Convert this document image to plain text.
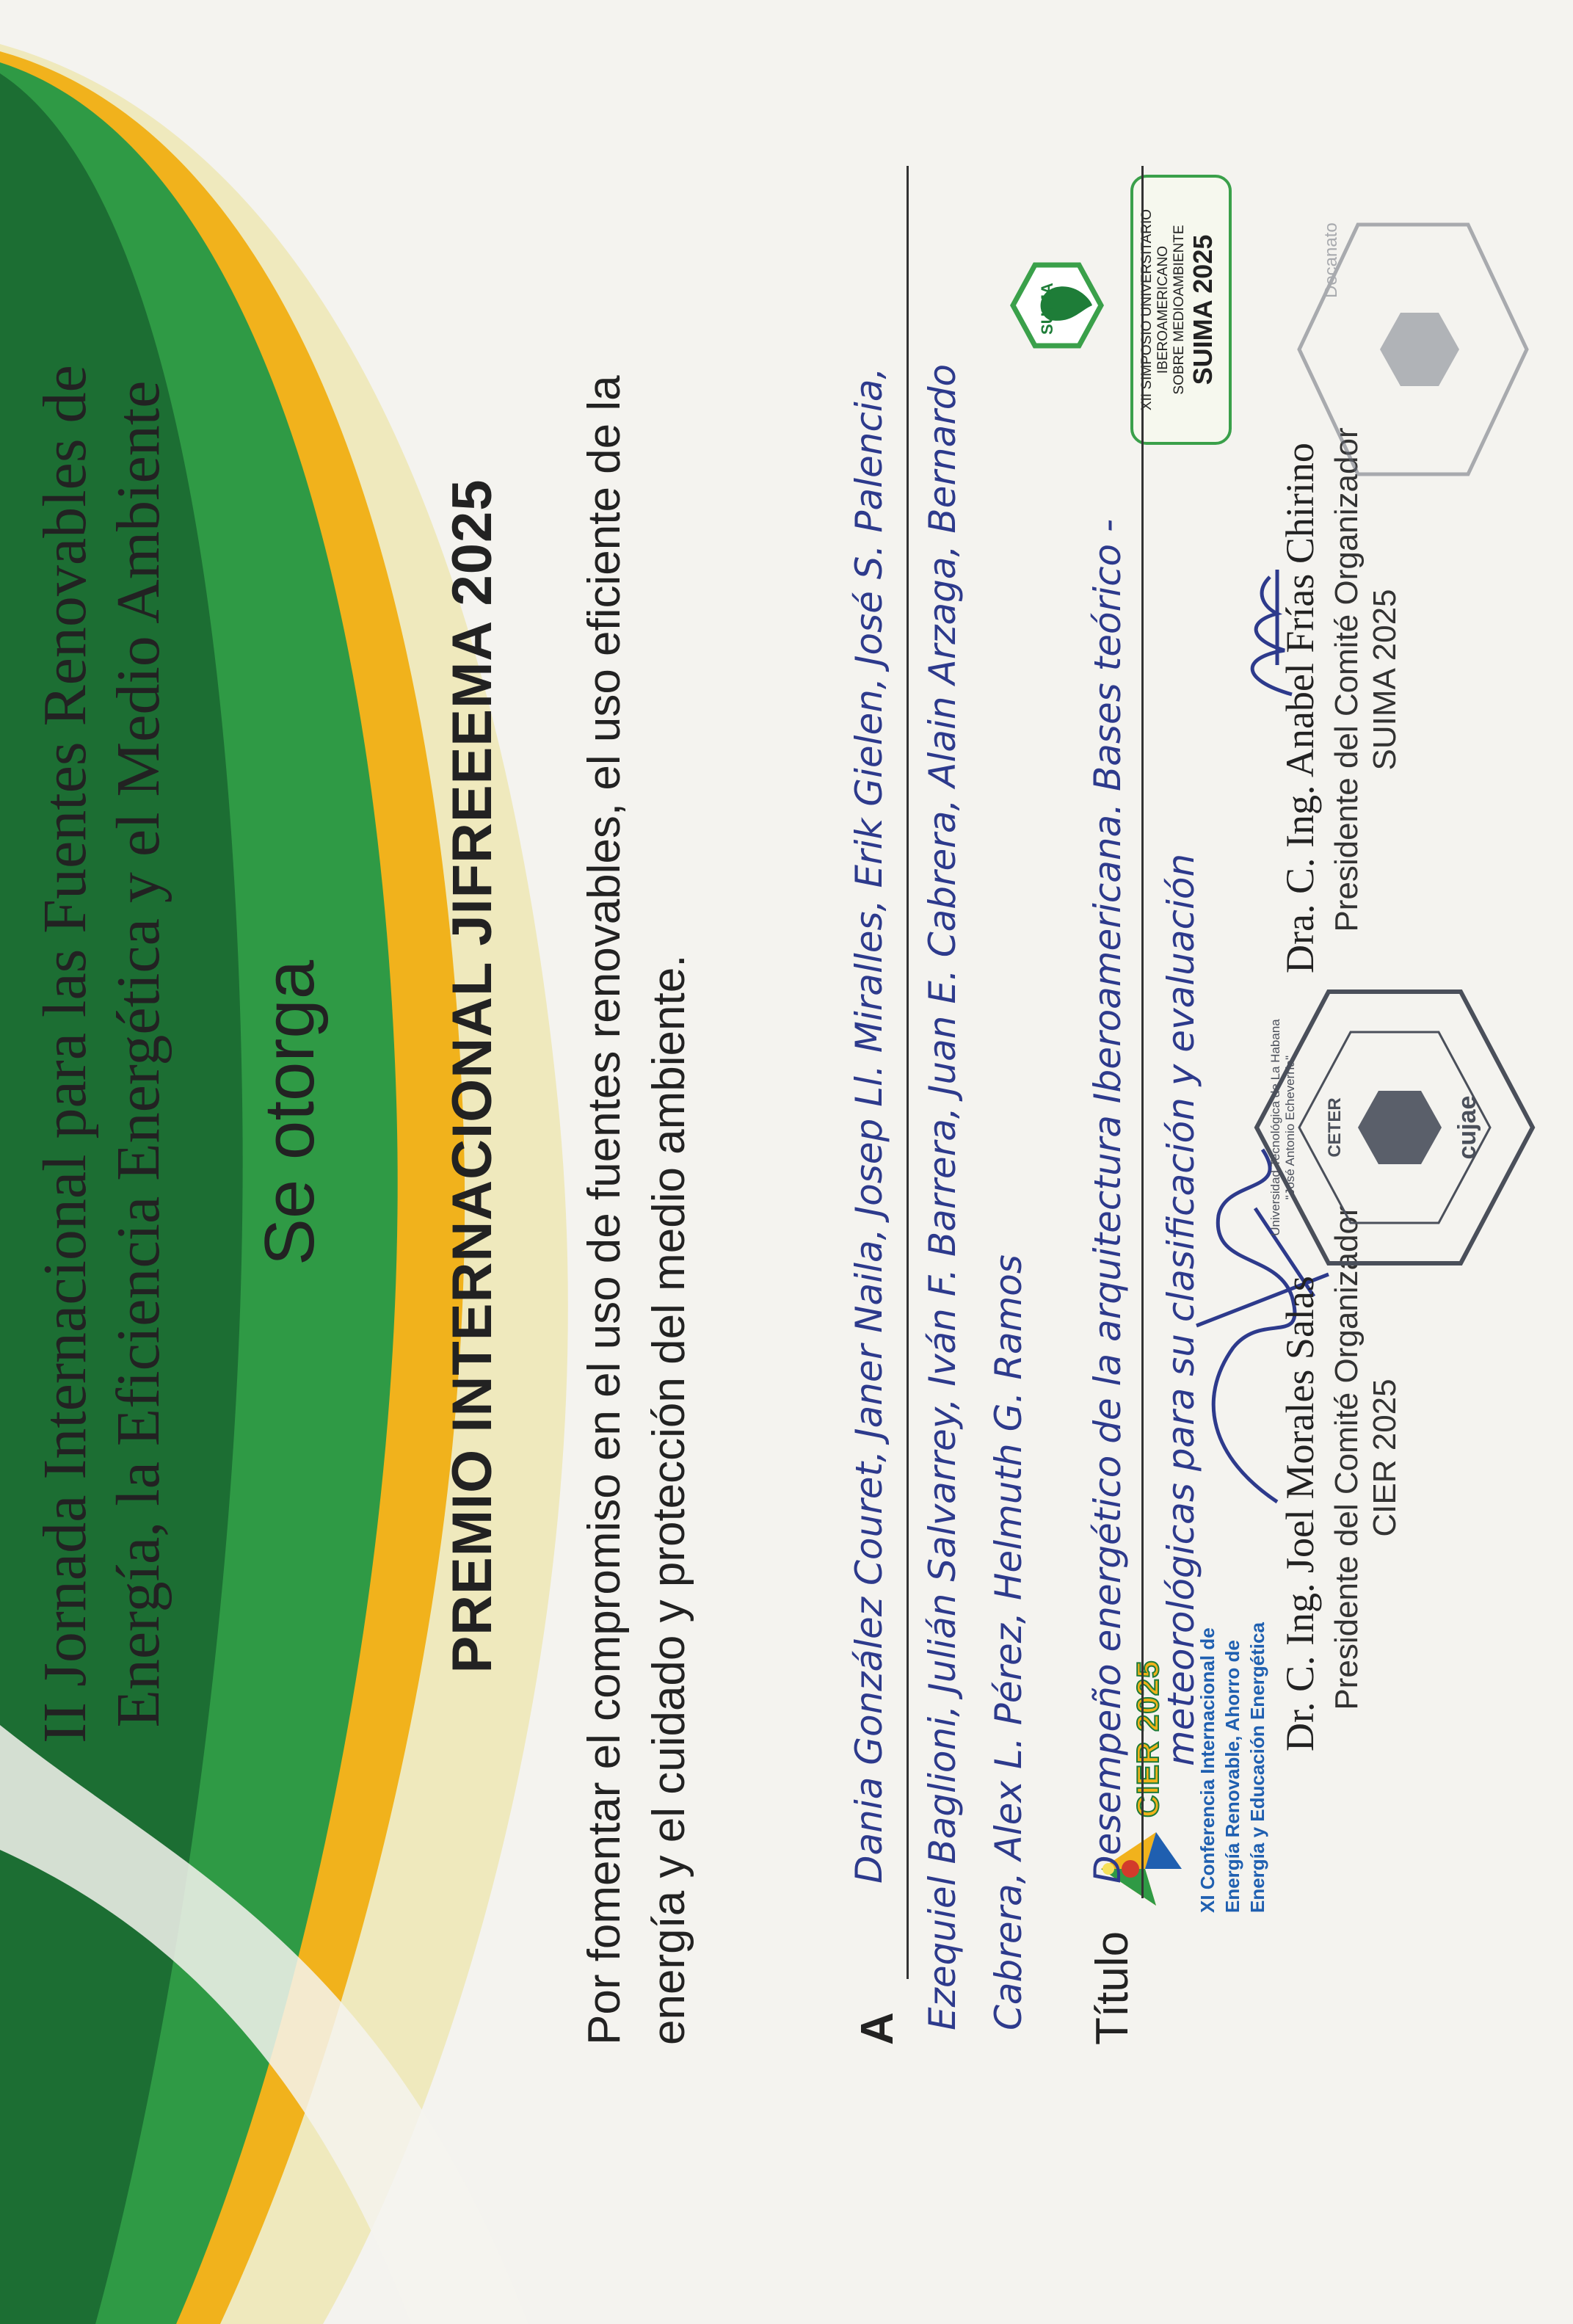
II Jornada Internacional para las Fuentes Renovables de Energía, la Eficiencia Energética y el Medio Ambiente
CIER 2025 XI Conferencia Internacional de Energía Renovable, Ahorro de Energía y Educación Energética
SUIMA	XII SIMPOSIO UNIVERSITARIO IBEROAMERICANO SOBRE MEDIOAMBIENTE SUIMA 2025
Se otorga PREMIO INTERNACIONAL JIFREEEMA 2025 Por fomentar el compromiso en el uso de fuentes renovables, el uso eficiente de la energía y el cuidado y protección del medio ambiente.	A
Dania González Couret, Janer Naila, Josep Ll. Miralles, Erik Gielen, José S. Palencia, Ezequiel Baglioni, Julián Salvarrey, Iván F. Barrera, Juan E. Cabrera, Alain Arzaga, Bernardo Cabrera, Alex L. Pérez, Helmuth G. Ramos Título
Desempeño energético de la arquitectura Iberoamericana. Bases teórico - meteorológicas para su clasificación y evaluación Dr. C. Ing. Joel Morales Salas Presidente del Comité Organizador CIER 2025
Universidad Tecnológica de La Habana "José Antonio Echeverría" CETER	cujae
Dra. C. Ing. Anabel Frías Chirino Presidente del Comité Organizador SUIMA 2025
Decanato
